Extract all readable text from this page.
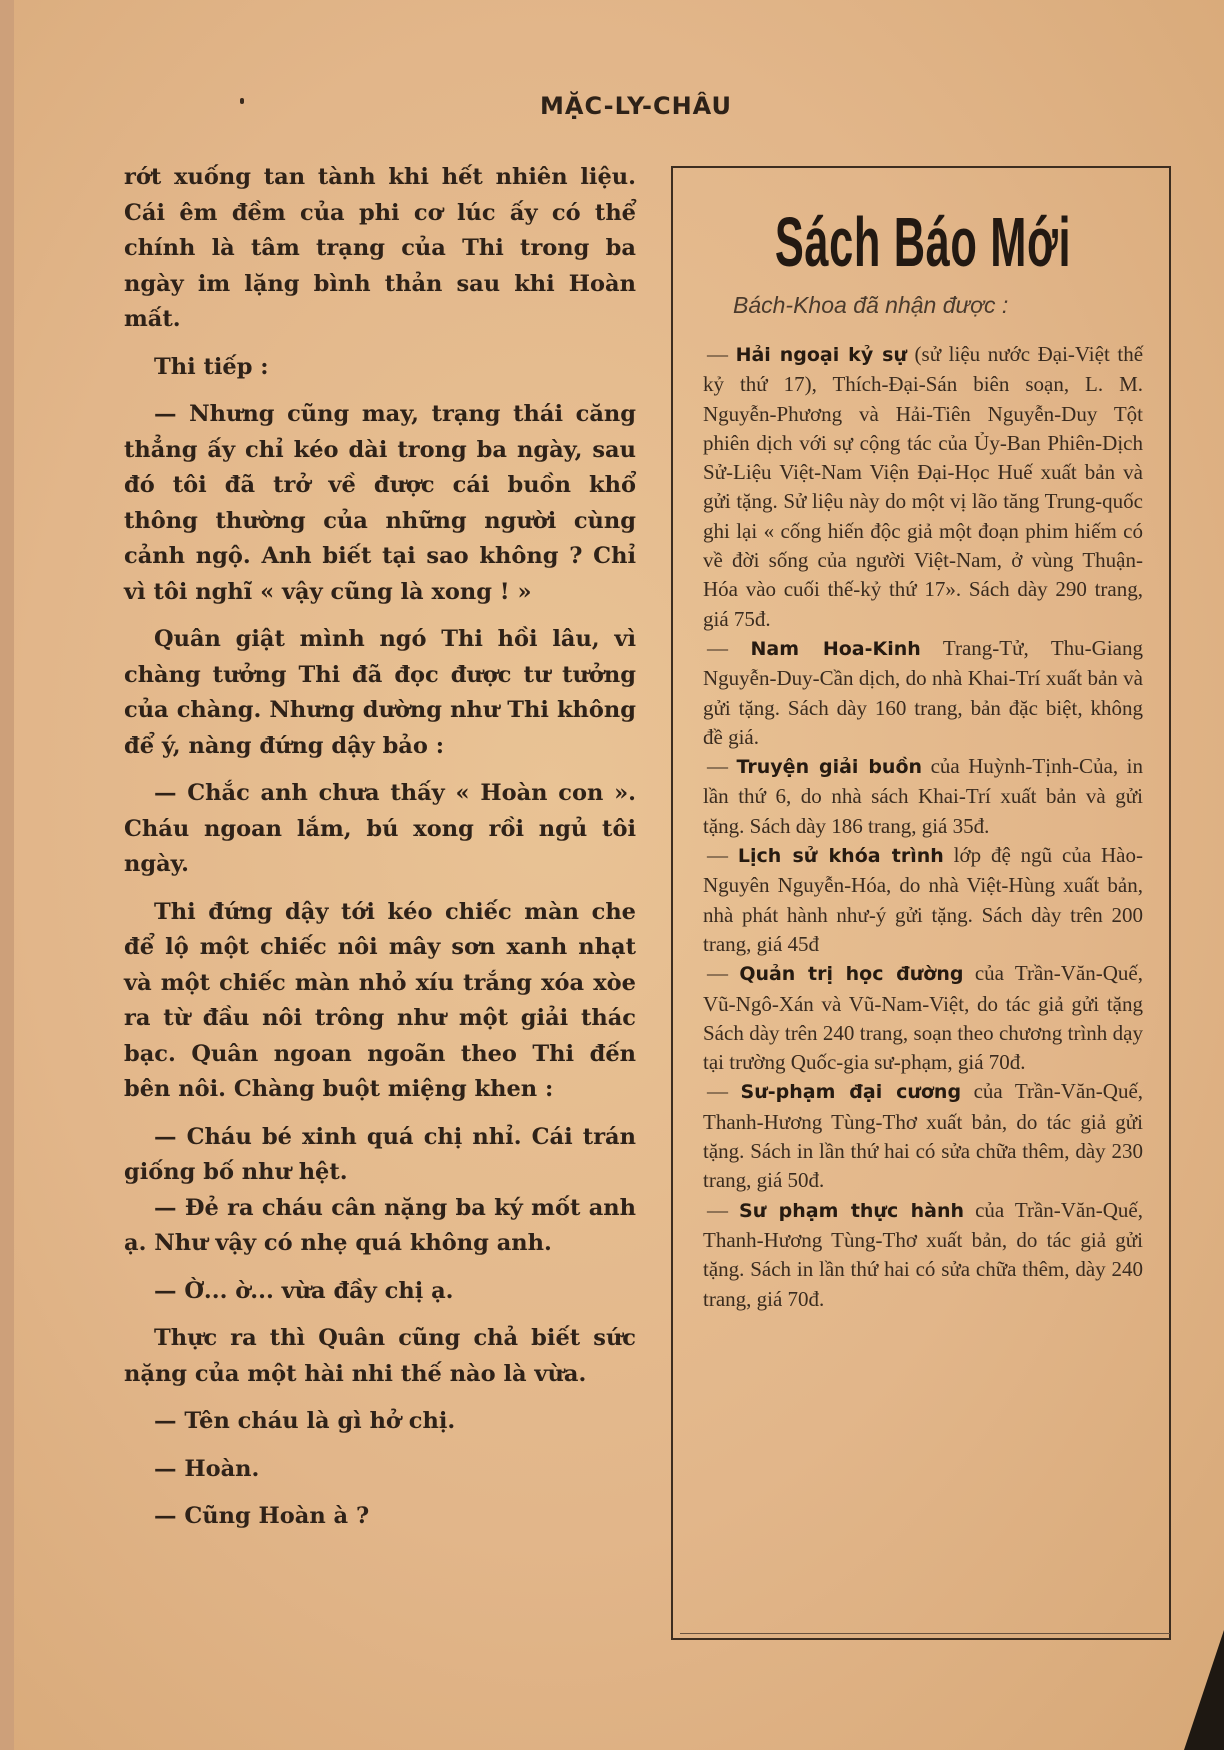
MẶC-LY-CHÂU

rớt xuống tan tành khi hết nhiên liệu. Cái êm đềm của phi cơ lúc ấy có thể chính là tâm trạng của Thi trong ba ngày im lặng bình thản sau khi Hoàn mất.

Thi tiếp :

— Nhưng cũng may, trạng thái căng thẳng ấy chỉ kéo dài trong ba ngày, sau đó tôi đã trở về được cái buồn khổ thông thường của những người cùng cảnh ngộ. Anh biết tại sao không ? Chỉ vì tôi nghĩ « vậy cũng là xong ! »

Quân giật mình ngó Thi hồi lâu, vì chàng tưởng Thi đã đọc được tư tưởng của chàng. Nhưng dường như Thi không để ý, nàng đứng dậy bảo :

— Chắc anh chưa thấy « Hoàn con ». Cháu ngoan lắm, bú xong rồi ngủ tôi ngày.

Thi đứng dậy tới kéo chiếc màn che để lộ một chiếc nôi mây sơn xanh nhạt và một chiếc màn nhỏ xíu trắng xóa xòe ra từ đầu nôi trông như một giải thác bạc. Quân ngoan ngoãn theo Thi đến bên nôi. Chàng buột miệng khen :

— Cháu bé xinh quá chị nhỉ. Cái trán giống bố như hệt.

— Đẻ ra cháu cân nặng ba ký mốt anh ạ. Như vậy có nhẹ quá không anh.

— Ờ... ờ... vừa đầy chị ạ.

Thực ra thì Quân cũng chả biết sức nặng của một hài nhi thế nào là vừa.

— Tên cháu là gì hở chị.

— Hoàn.

— Cũng Hoàn à ?

Sách Báo Mới
Bách-Khoa đã nhận được :

— Hải ngoại kỷ sự (sử liệu nước Đại-Việt thế kỷ thứ 17), Thích-Đại-Sán biên soạn, L. M. Nguyễn-Phương và Hải-Tiên Nguyễn-Duy Tột phiên dịch với sự cộng tác của Ủy-Ban Phiên-Dịch Sử-Liệu Việt-Nam Viện Đại-Học Huế xuất bản và gửi tặng. Sử liệu này do một vị lão tăng Trung-quốc ghi lại « cống hiến độc giả một đoạn phim hiếm có về đời sống của người Việt-Nam, ở vùng Thuận-Hóa vào cuối thế-kỷ thứ 17». Sách dày 290 trang, giá 75đ.

— Nam Hoa-Kinh Trang-Tử, Thu-Giang Nguyễn-Duy-Cần dịch, do nhà Khai-Trí xuất bản và gửi tặng. Sách dày 160 trang, bản đặc biệt, không đề giá.

— Truyện giải buồn của Huỳnh-Tịnh-Của, in lần thứ 6, do nhà sách Khai-Trí xuất bản và gửi tặng. Sách dày 186 trang, giá 35đ.

— Lịch sử khóa trình lớp đệ ngũ của Hào-Nguyên Nguyễn-Hóa, do nhà Việt-Hùng xuất bản, nhà phát hành như-ý gửi tặng. Sách dày trên 200 trang, giá 45đ

— Quản trị học đường của Trần-Văn-Quế, Vũ-Ngô-Xán và Vũ-Nam-Việt, do tác giả gửi tặng Sách dày trên 240 trang, soạn theo chương trình dạy tại trường Quốc-gia sư-phạm, giá 70đ.

— Sư-phạm đại cương của Trần-Văn-Quế, Thanh-Hương Tùng-Thơ xuất bản, do tác giả gửi tặng. Sách in lần thứ hai có sửa chữa thêm, dày 230 trang, giá 50đ.

— Sư phạm thực hành của Trần-Văn-Quế, Thanh-Hương Tùng-Thơ xuất bản, do tác giả gửi tặng. Sách in lần thứ hai có sửa chữa thêm, dày 240 trang, giá 70đ.
